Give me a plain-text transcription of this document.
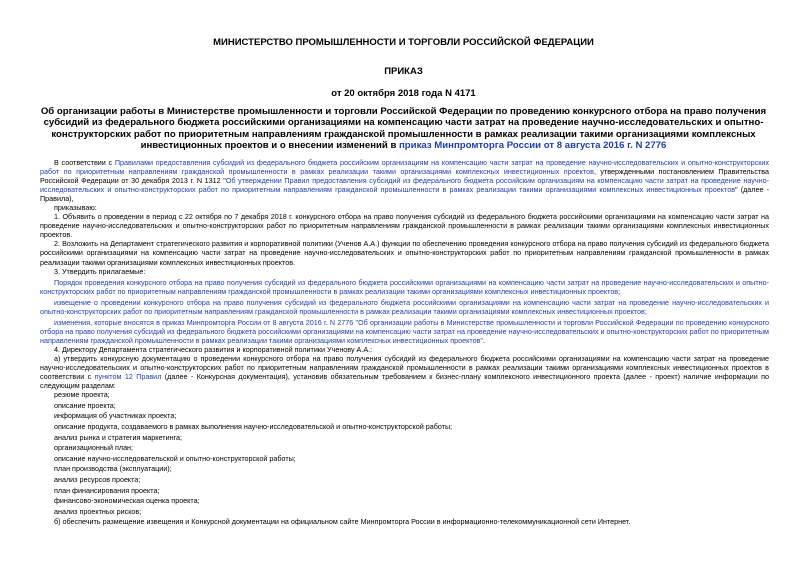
МИНИСТЕРСТВО ПРОМЫШЛЕННОСТИ И ТОРГОВЛИ РОССИЙСКОЙ ФЕДЕРАЦИИ
ПРИКАЗ
от 20 октября 2018 года N 4171
Об организации работы в Министерстве промышленности и торговли Российской Федерации по проведению конкурсного отбора на право получения субсидий из федерального бюджета российскими организациями на компенсацию части затрат на проведение научно-исследовательских и опытно-конструкторских работ по приоритетным направлениям гражданской промышленности в рамках реализации такими организациями комплексных инвестиционных проектов и о внесении изменений в приказ Минпромторга России от 8 августа 2016 г. N 2776

В соответствии с Правилами предоставления субсидий из федерального бюджета российским организациям на компенсацию части затрат на проведение научно-исследовательских и опытно-конструкторских работ по приоритетным направлениям гражданской промышленности в рамках реализации такими организациями комплексных инвестиционных проектов, утвержденными постановлением Правительства Российской Федерации от 30 декабря 2013 г. N 1312 "Об утверждении Правил предоставления субсидий из федерального бюджета российским организациям на компенсацию части затрат на проведение научно-исследовательских и опытно-конструкторских работ по приоритетным направлениям гражданской промышленности в рамках реализации такими организациями комплексных инвестиционных проектов" (далее - Правила),

приказываю:

1. Объявить о проведении в период с 22 октября по 7 декабря 2018 г. конкурсного отбора на право получения субсидий из федерального бюджета российскими организациями на компенсацию части затрат на проведение научно-исследовательских и опытно-конструкторских работ по приоритетным направлениям гражданской промышленности в рамках реализации такими организациями комплексных инвестиционных проектов.

2. Возложить на Департамент стратегического развития и корпоративной политики (Ученов А.А.) функции по обеспечению проведения конкурсного отбора на право получения субсидий из федерального бюджета российскими организациями на компенсацию части затрат на проведение научно-исследовательских и опытно-конструкторских работ по приоритетным направлениям гражданской промышленности в рамках реализации такими организациями комплексных инвестиционных проектов.

3. Утвердить прилагаемые:

Порядок проведения конкурсного отбора на право получения субсидий из федерального бюджета российскими организациями на компенсацию части затрат на проведение научно-исследовательских и опытно-конструкторских работ по приоритетным направлениям гражданской промышленности в рамках реализации такими организациями комплексных инвестиционных проектов;

извещение о проведении конкурсного отбора на право получения субсидий из федерального бюджета российскими организациями на компенсацию части затрат на проведение научно-исследовательских и опытно-конструкторских работ по приоритетным направлениям гражданской промышленности в рамках реализации такими организациями комплексных инвестиционных проектов;

изменения, которые вносятся в приказ Минпромторга России от 8 августа 2016 г. N 2776 "Об организации работы в Министерстве промышленности и торговли Российской Федерации по проведению конкурсного отбора на право получения субсидий из федерального бюджета российскими организациями на компенсацию части затрат на проведение научно-исследовательских и опытно-конструкторских работ по приоритетным направлениям гражданской промышленности в рамках реализации такими организациями комплексных инвестиционных проектов".

4. Директору Департамента стратегического развития и корпоративной политики Ученову А.А.:

а) утвердить конкурсную документацию о проведении конкурсного отбора на право получения субсидий из федерального бюджета российскими организациями на компенсацию части затрат на проведение научно-исследовательских и опытно-конструкторских работ по приоритетным направлениям гражданской промышленности в рамках реализации такими организациями комплексных инвестиционных проектов в соответствии с пунктом 12 Правил (далее - Конкурсная документация), установив обязательным требованием к бизнес-плану комплексного инвестиционного проекта (далее - проект) наличие информации по следующим разделам:

резюме проекта;
описание проекта;
информация об участниках проекта;
описание продукта, создаваемого в рамках выполнения научно-исследовательской и опытно-конструкторской работы;
анализ рынка и стратегия маркетинга;
организационный план;
описание научно-исследовательской и опытно-конструкторской работы;
план производства (эксплуатации);
анализ ресурсов проекта;
план финансирования проекта;
финансово-экономическая оценка проекта;
анализ проектных рисков;

б) обеспечить размещение извещения и Конкурсной документации на официальном сайте Минпромторга России в информационно-телекоммуникационной сети Интернет.
